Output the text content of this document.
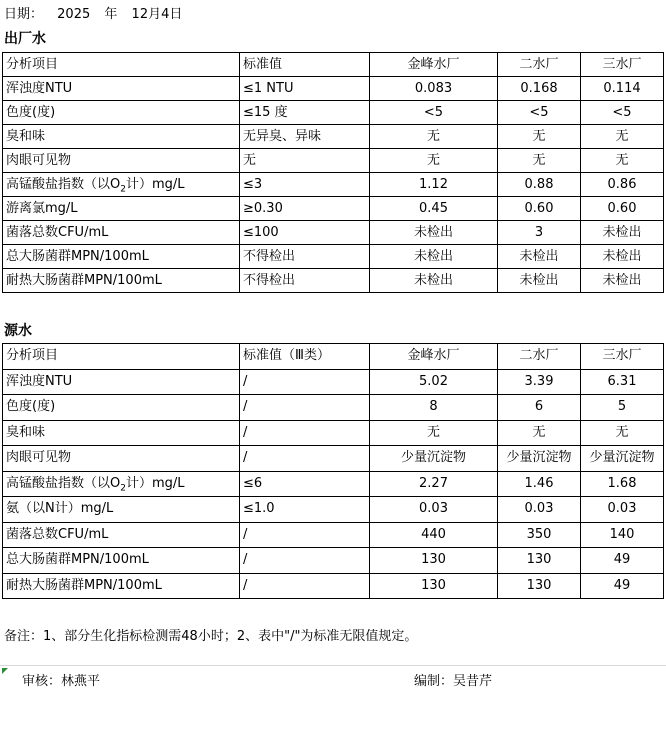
日期： 2025 年 12月4日
出厂水
分析项目	标准值	金峰水厂	二水厂	三水厂
浑浊度NTU	≤1 NTU	0.083	0.168	0.114
色度(度)	≤15 度	<5	<5	<5
臭和味	无异臭、异味	无	无	无
肉眼可见物	无	无	无	无
高锰酸盐指数（以$O_2$计）mg/L	≤3	1.12	0.88	0.86
游离氯mg/L	≥0.30	0.45	0.60	0.60
菌落总数CFU/mL	≤100	未检出	3	未检出
总大肠菌群MPN/100mL	不得检出	未检出	未检出	未检出
耐热大肠菌群MPN/100mL	不得检出	未检出	未检出	未检出
源水
分析项目	标准值（Ⅲ类）	金峰水厂	二水厂	三水厂
浑浊度NTU	/	5.02	3.39	6.31
色度(度)	/	8	6	5
臭和味	/	无	无	无
肉眼可见物	/	少量沉淀物	少量沉淀物	少量沉淀物
高锰酸盐指数（以$O_2$计）mg/L	≤6	2.27	1.46	1.68
氨（以N计）mg/L	≤1.0	0.03	0.03	0.03
菌落总数CFU/mL	/	440	350	140
总大肠菌群MPN/100mL	/	130	130	49
耐热大肠菌群MPN/100mL	/	130	130	49
备注：1、部分生化指标检测需48小时；2、表中"/"为标准无限值规定。
审核：林燕平	编制：吴昔芹
